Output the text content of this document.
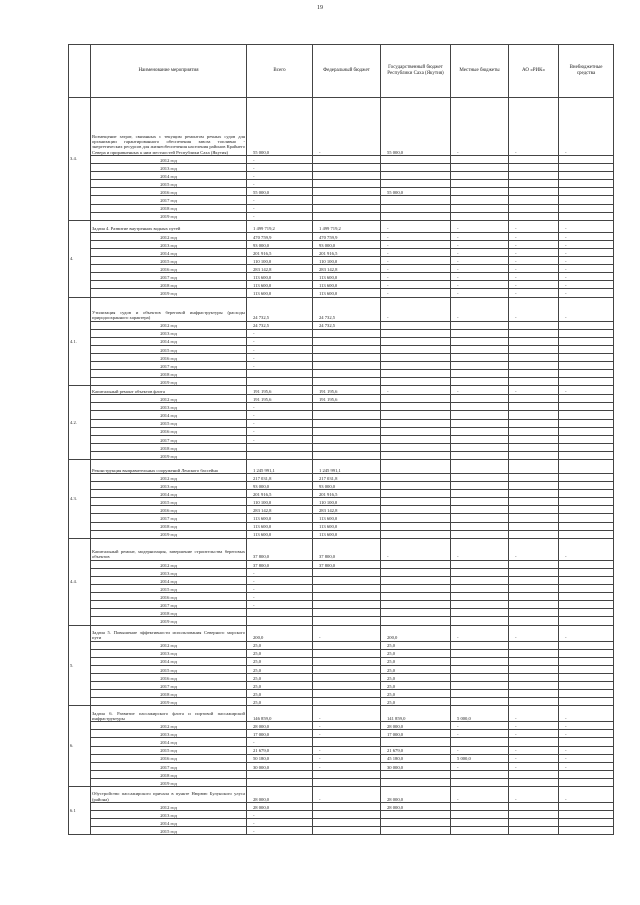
19
	Наименование мероприятия	Всего	Федеральный бюджет	Государственный бюджет Республики Саха (Якутия)	Местные бюджеты	АО «РИК»	Внебюджетные средства
3.4.	Возмещение затрат, связанных с текущим ремонтом речных судов для организации гарантированного обеспечения завоза топливно - энергетических ресурсов для жизнеобеспечения населения районов Крайнего Севера и приравненных к ним местностей Республики Саха (Якутия)	55 000,0	-	55 000,0	-	-	-
	2012 год	-					
	2013 год	-					
	2014 год	-					
	2015 год	-					
	2016 год	55 000,0		55 000,0			
	2017 год	-					
	2018 год	-					
	2019 год	-					
4.	Задача 4. Развитие внутренних водных путей	1 499 719,2	1 499 719,2	-	-	-	-
	2012 год	470 759,9	470 759,9	-	-	-	-
	2013 год	93 000,0	93 000,0	-	-	-	-
	2014 год	201 916,5	201 916,5	-	-	-	-
	2015 год	110 100,0	110 100,0	-	-	-	-
	2016 год	283 142,8	283 142,8	-	-	-	-
	2017 год	113 600,0	113 600,0	-	-	-	-
	2018 год	113 600,0	113 600,0	-	-	-	-
	2019 год	113 600,0	113 600,0	-	-	-	-
4.1.	Утилизация судов и объектов береговой инфраструктуры (расходы природоохранного характера)	24 732,5	24 732,5	-	-	-	-
	2012 год	24 732,5	24 732,5				
	2013 год	-					
	2014 год	-					
	2015 год	-					
	2016 год	-					
	2017 год	-					
	2018 год						
	2019 год						
4.2.	Капитальный ремонт объектов флота	191 195,6	191 195,6	-	-	-	-
	2012 год	191 195,6	191 195,6				
	2013 год	-					
	2014 год	-					
	2015 год	-					
	2016 год	-					
	2017 год	-					
	2018 год						
	2019 год						
4.3.	Реконструкция выправительных сооружений Ленского бассейна	1 245 991,1	1 245 991,1				
	2012 год	217 031,8	217 031,8				
	2013 год	93 000,0	93 000,0				
	2014 год	201 916,5	201 916,5				
	2015 год	110 100,0	110 100,0				
	2016 год	283 142,8	283 142,8				
	2017 год	113 600,0	113 600,0				
	2018 год	113 600,0	113 600,0				
	2019 год	113 600,0	113 600,0				
4.4.	Капитальный ремонт, модернизация, завершение строительства береговых объектов	37 800,0	37 800,0	-	-	-	-
	2012 год	37 800,0	37 800,0				
	2013 год	-					
	2014 год	-					
	2015 год	-					
	2016 год	-					
	2017 год	-					
	2018 год						
	2019 год						
5.	Задача 5. Повышение эффективности использования Северного морского пути	200,0	-	200,0	-	-	-
	2012 год	25,0		25,0			
	2013 год	25,0		25,0			
	2014 год	25,0		25,0			
	2015 год	25,0		25,0			
	2016 год	25,0		25,0			
	2017 год	25,0		25,0			
	2018 год	25,0		25,0			
	2019 год	25,0		25,0			
6.	Задача 6. Развитие пассажирского флота и портовой пассажирской инфраструктуры	146 859,0	-	141 859,0	5 000,0	-	-
	2012 год	28 000,0	-	28 000,0	-	-	-
	2013 год	17 000,0	-	17 000,0	-	-	-
	2014 год	-					
	2015 год	21 679,0	-	21 679,0	-	-	-
	2016 год	50 180,0	-	45 180,0	5 000,0	-	-
	2017 год	30 000,0	-	30 000,0	-	-	-
	2018 год						
	2019 год						
6.1	Обустройство пассажирского причала в пункте Нюрюю Булунского улуса (района)	28 000,0	-	28 000,0	-	-	-
	2012 год	28 000,0		28 000,0			
	2013 год	-					
	2014 год	-					
	2015 год	-					
